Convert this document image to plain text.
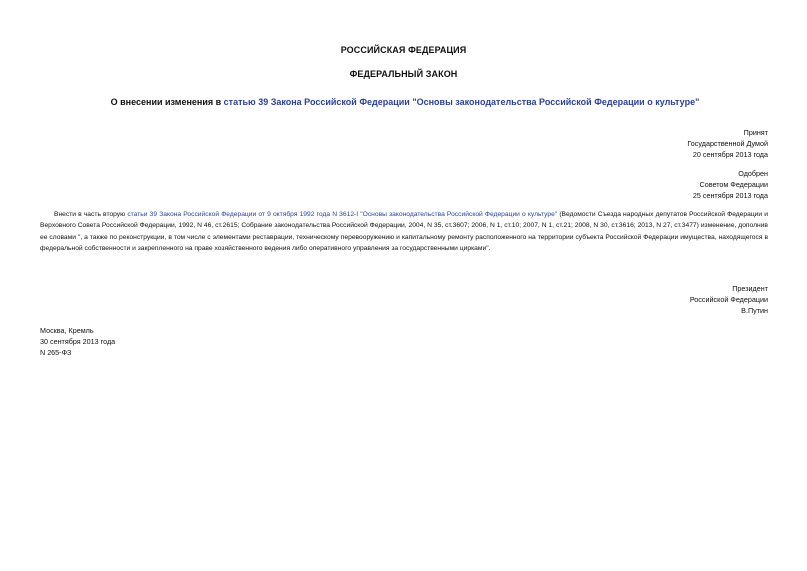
РОССИЙСКАЯ ФЕДЕРАЦИЯ
ФЕДЕРАЛЬНЫЙ ЗАКОН
О внесении изменения в статью 39 Закона Российской Федерации "Основы законодательства Российской Федерации о культуре"
Принят
Государственной Думой
20 сентября 2013 года
Одобрен
Советом Федерации
25 сентября 2013 года
Внести в часть вторую статьи 39 Закона Российской Федерации от 9 октября 1992 года N 3612-I "Основы законодательства Российской Федерации о культуре" (Ведомости Съезда народных депутатов Российской Федерации и Верховного Совета Российской Федерации, 1992, N 46, ст.2615; Собрание законодательства Российской Федерации, 2004, N 35, ст.3607; 2006, N 1, ст.10; 2007, N 1, ст.21; 2008, N 30, ст.3616; 2013, N 27, ст.3477) изменение, дополнив ее словами ", а также по реконструкции, в том числе с элементами реставрации, техническому перевооружению и капитальному ремонту расположенного на территории субъекта Российской Федерации имущества, находящегося в федеральной собственности и закрепленного на праве хозяйственного ведения либо оперативного управления за государственными цирками".
Президент
Российской Федерации
В.Путин
Москва, Кремль
30 сентября 2013 года
N 265-ФЗ
